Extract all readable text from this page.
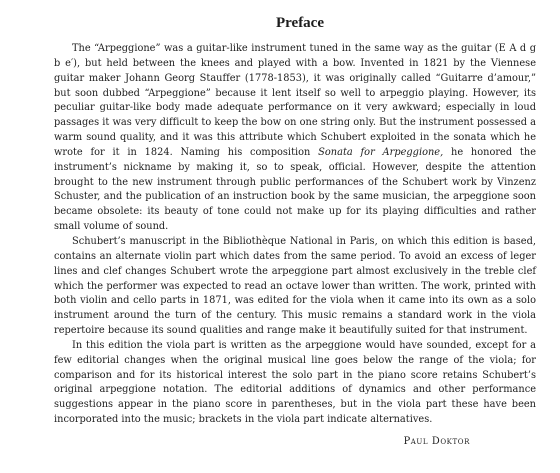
Preface

The “Arpeggione” was a guitar-like instrument tuned in the same way as the guitar (E A d g b e′), but held between the knees and played with a bow. Invented in 1821 by the Viennese guitar maker Johann Georg Stauffer (1778-1853), it was originally called “Guitarre d’amour,” but soon dubbed “Arpeggione” because it lent itself so well to arpeggio playing. However, its peculiar guitar-like body made adequate performance on it very awkward; especially in loud passages it was very difficult to keep the bow on one string only. But the instrument possessed a warm sound quality, and it was this attribute which Schubert exploited in the sonata which he wrote for it in 1824. Naming his composition Sonata for Arpeggione, he honored the instrument’s nickname by making it, so to speak, official. However, despite the attention brought to the new instrument through public performances of the Schubert work by Vinzenz Schuster, and the publication of an instruction book by the same musician, the arpeggione soon became obsolete: its beauty of tone could not make up for its playing difficulties and rather small volume of sound.

Schubert’s manuscript in the Bibliothèque National in Paris, on which this edition is based, contains an alternate violin part which dates from the same period. To avoid an excess of leger lines and clef changes Schubert wrote the arpeggione part almost exclusively in the treble clef which the performer was expected to read an octave lower than written. The work, printed with both violin and cello parts in 1871, was edited for the viola when it came into its own as a solo instrument around the turn of the century. This music remains a standard work in the viola repertoire because its sound qualities and range make it beautifully suited for that instrument.

In this edition the viola part is written as the arpeggione would have sounded, except for a few editorial changes when the original musical line goes below the range of the viola; for comparison and for its historical interest the solo part in the piano score retains Schubert’s original arpeggione notation. The editorial additions of dynamics and other performance suggestions appear in the piano score in parentheses, but in the viola part these have been incorporated into the music; brackets in the viola part indicate alternatives.

Paul Doktor
